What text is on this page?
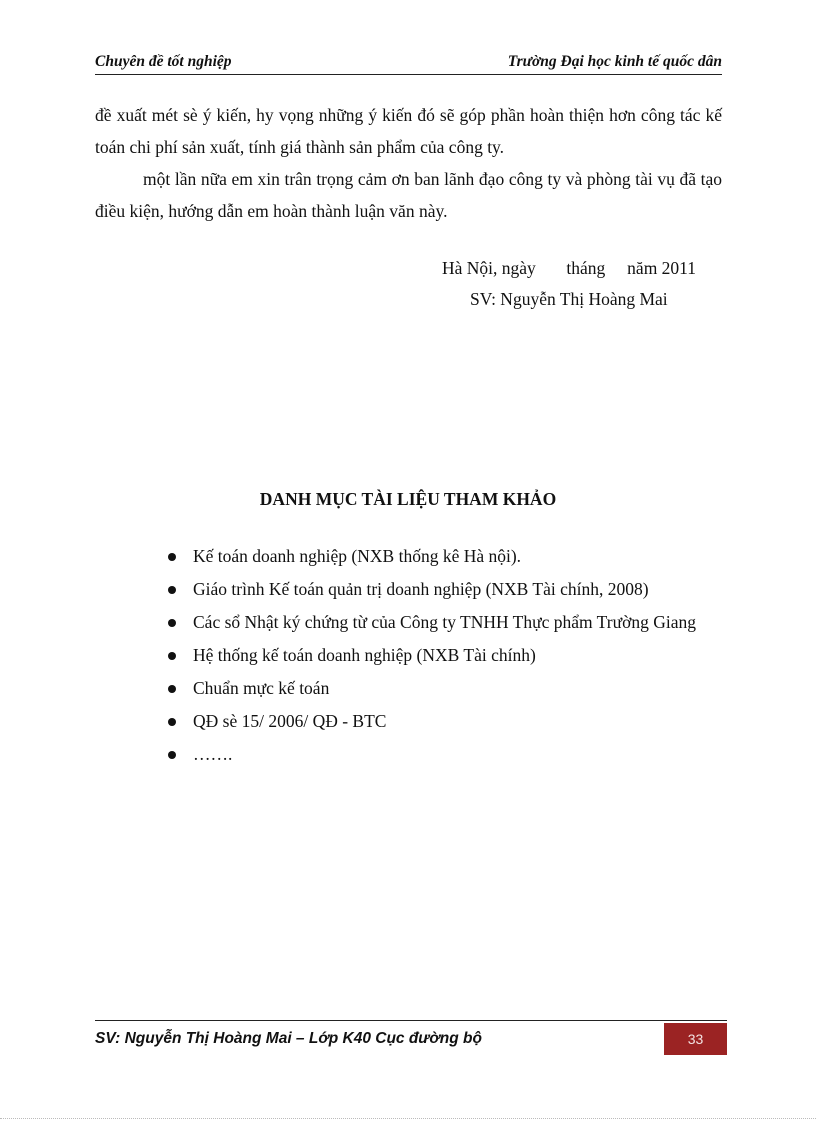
Chuyên đề tốt nghiệp	Trường Đại học kinh tế quốc dân
đề xuất mét sè ý kiến, hy vọng những ý kiến đó sẽ góp phần hoàn thiện hơn công tác kế toán chi phí sản xuất, tính giá thành sản phẩm của công ty.
một lần nữa em xin trân trọng cảm ơn ban lãnh đạo công ty và phòng tài vụ đã tạo điều kiện, hướng dẫn em hoàn thành luận văn này.
Hà Nội, ngày       tháng     năm 2011
SV: Nguyễn Thị Hoàng Mai
DANH MỤC TÀI LIỆU THAM KHẢO
Kế toán doanh nghiệp (NXB thống kê Hà nội).
Giáo trình Kế toán quản trị doanh nghiệp (NXB Tài chính, 2008)
Các sổ Nhật ký chứng từ của Công ty TNHH Thực phẩm Trường Giang
Hệ thống kế toán doanh nghiệp (NXB Tài chính)
Chuẩn mực kế toán
QĐ sè 15/ 2006/ QĐ - BTC
…….
SV: Nguyễn Thị Hoàng Mai – Lớp K40 Cục đường bộ	33
